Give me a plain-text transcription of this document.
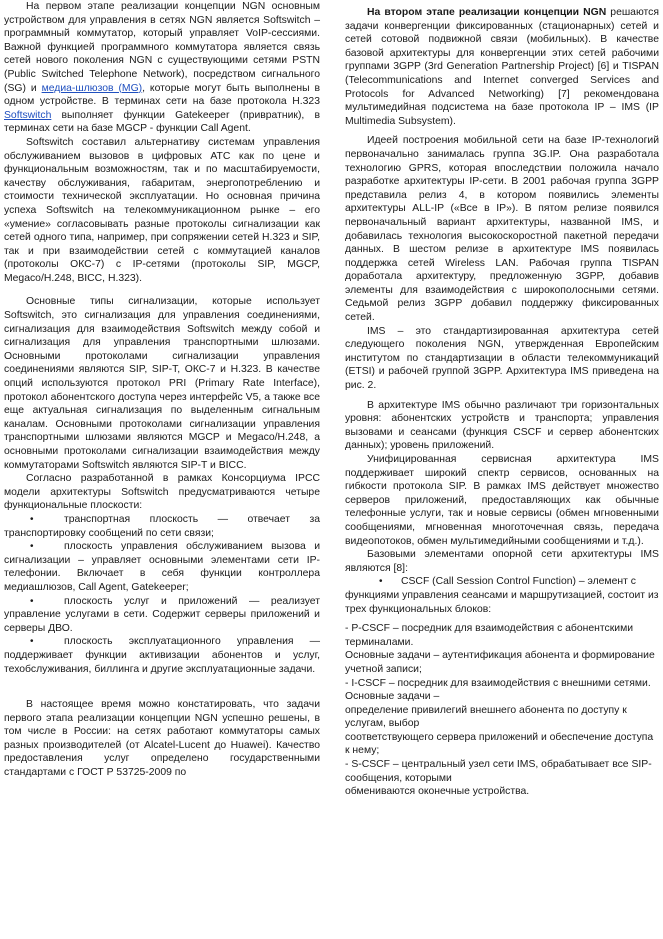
На первом этапе реализации концепции NGN основным устройством для управления в сетях NGN является Softswitch – программный коммутатор, который управляет VoIP-сессиями. Важной функцией программного коммутатора является связь сетей нового поколения NGN с существующими сетями PSTN (Public Switched Telephone Network), посредством сигнального (SG) и медиа-шлюзов (MG), которые могут быть выполнены в одном устройстве. В терминах сети на базе протокола H.323 Softswitch выполняет функции Gatekeeper (привратник), в терминах сети на базе MGCP - функции Call Agent.

Softswitch составил альтернативу системам управления обслуживанием вызовов в цифровых АТС как по цене и функциональным возможностям, так и по масштабируемости, качеству обслуживания, габаритам, энергопотреблению и стоимости технической эксплуатации. Но основная причина успеха Softswitch на телекоммуникационном рынке – его «умение» согласовывать разные протоколы сигнализации как сетей одного типа, например, при сопряжении сетей H.323 и SIP, так и при взаимодействии сетей с коммутацией каналов (протоколы ОКС-7) с IP-сетями (протоколы SIP, MGCP, Megaco/H.248, BICC, H.323).

Основные типы сигнализации, которые использует Softswitch, это сигнализация для управления соединениями, сигнализация для взаимодействия Softswitch между собой и сигнализация для управления транспортными шлюзами. Основными протоколами сигнализации управления соединениями являются SIP, SIP-T, ОКС-7 и H.323. В качестве опций используются протокол PRI (Primary Rate Interface), протокол абонентского доступа через интерфейс V5, а также все еще актуальная сигнализация по выделенным сигнальным каналам. Основными протоколами сигнализации управления транспортными шлюзами являются MGCP и Megaco/H.248, а основными протоколами сигнализации взаимодействия между коммутаторами Softswitch являются SIP-T и BICC.

Согласно разработанной в рамках Консорциума IPCC модели архитектуры Softswitch предусматриваются четыре функциональные плоскости:

•	транспортная плоскость — отвечает за транспортировку сообщений по сети связи;

•	плоскость управления обслуживанием вызова и сигнализации – управляет основными элементами сети IP-телефонии. Включает в себя функции контроллера медиашлюзов, Call Agent, Gatekeeper;

•	плоскость услуг и приложений — реализует управление услугами в сети. Содержит серверы приложений и серверы ДВО.

•	плоскость эксплуатационного управления — поддерживает функции активизации абонентов и услуг, техобслуживания, биллинга и другие эксплуатационные задачи.

В настоящее время можно констатировать, что задачи первого этапа реализации концепции NGN успешно решены, в том числе в России: на сетях работают коммутаторы самых разных производителей (от Alcatel-Lucent до Huawei). Качество предоставления услуг определено государственными стандартами с ГОСТ Р 53725-2009 по

На втором этапе реализации концепции NGN решаются задачи конвергенции фиксированных (стационарных) сетей и сетей сотовой подвижной связи (мобильных). В качестве базовой архитектуры для конвергенции этих сетей рабочими группами 3GPP (3rd Generation Partnership Project) [6] и TISPAN (Telecommunications and Internet converged Services and Protocols for Advanced Networking) [7] рекомендована мультимедийная подсистема на базе протокола IP – IMS (IP Multimedia Subsystem).

Идеей построения мобильной сети на базе IP-технологий первоначально занималась группа 3G.IP. Она разработала технологию GPRS, которая впоследствии положила начало разработке архитектуры IP-сети. В 2001 рабочая группа 3GPP представила релиз 4, в котором появились элементы архитектуры ALL-IP («Все в IP»). В пятом релизе появился первоначальный вариант архитектуры, названной IMS, и добавилась технология высокоскоростной пакетной передачи данных. В шестом релизе в архитектуре IMS появилась поддержка сетей Wireless LAN. Рабочая группа TISPAN доработала архитектуру, предложенную 3GPP, добавив элементы для взаимодействия с широкополосными сетями. Седьмой релиз 3GPP добавил поддержку фиксированных сетей.

IMS – это стандартизированная архитектура сетей следующего поколения NGN, утвержденная Европейским институтом по стандартизации в области телекоммуникаций (ETSI) и рабочей группой 3GPP. Архитектура IMS приведена на рис. 2.

В архитектуре IMS обычно различают три горизонтальных уровня: абонентских устройств и транспорта; управления вызовами и сеансами (функция CSCF и сервер абонентских данных); уровень приложений.

Унифицированная сервисная архитектура IMS поддерживает широкий спектр сервисов, основанных на гибкости протокола SIP. В рамках IMS действует множество серверов приложений, предоставляющих как обычные телефонные услуги, так и новые сервисы (обмен мгновенными сообщениями, мгновенная многоточечная связь, передача видеопотоков, обмен мультимедийными сообщениями и т.д.).

Базовыми элементами опорной сети архитектуры IMS являются [8]:

•	CSCF (Call Session Control Function) – элемент с функциями управления сеансами и маршрутизацией, состоит из трех функциональных блоков:

- P-CSCF – посредник для взаимодействия с абонентскими терминалами.

Основные задачи – аутентификация абонента и формирование учетной записи;

- I-CSCF – посредник для взаимодействия с внешними сетями. Основные задачи –

определение привилегий внешнего абонента по доступу к услугам, выбор

соответствующего сервера приложений и обеспечение доступа к нему;

- S-CSCF – центральный узел сети IMS, обрабатывает все SIP-сообщения, которыми

обмениваются оконечные устройства.
